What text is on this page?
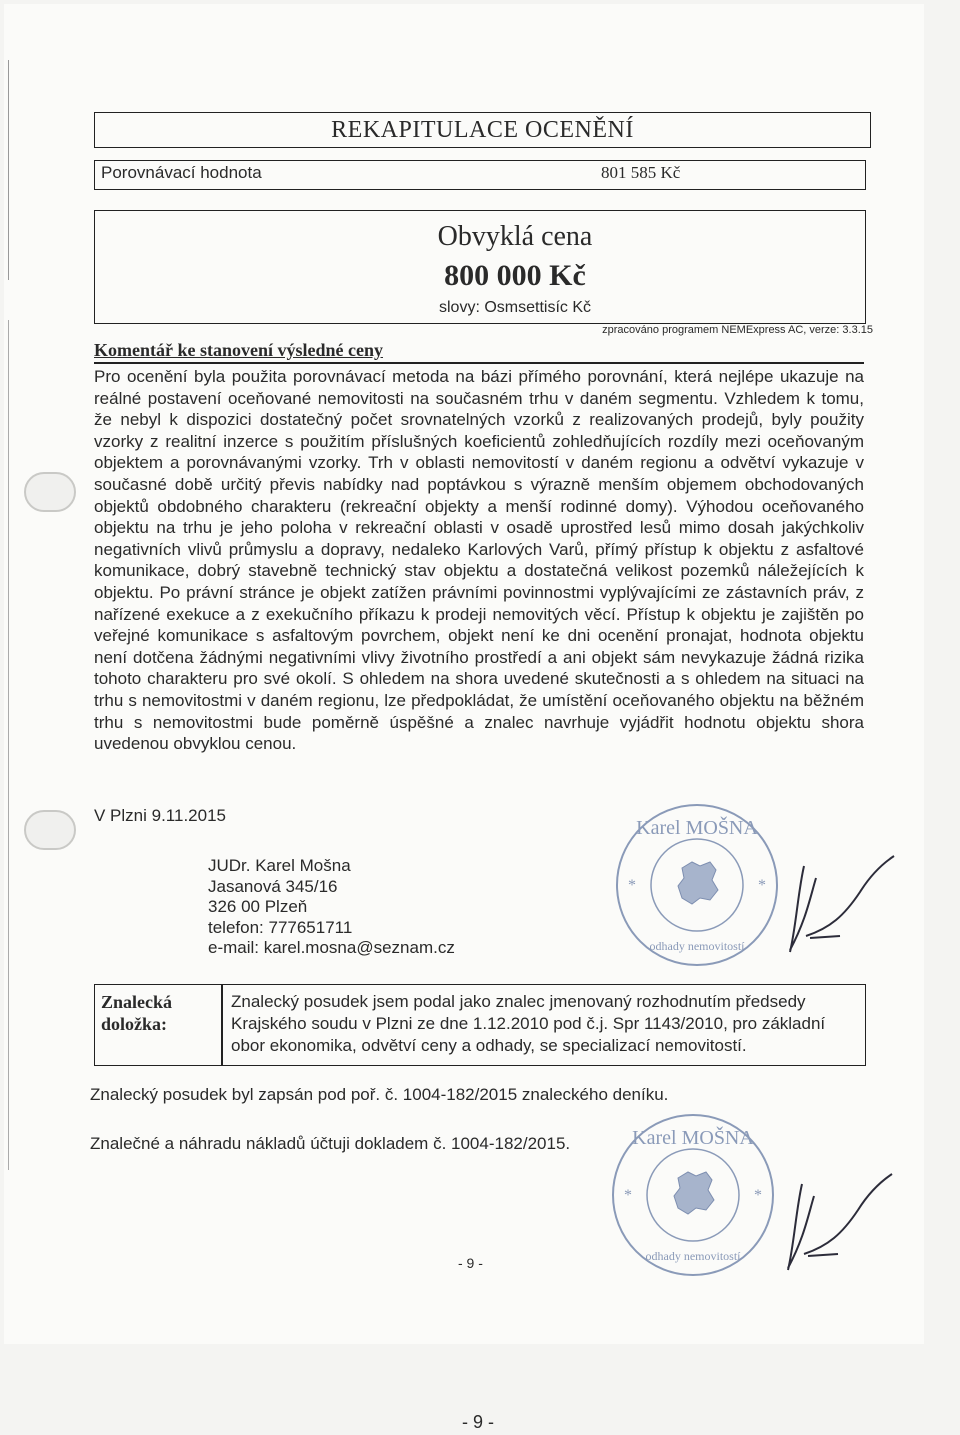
REKAPITULACE OCENĚNÍ
Porovnávací hodnota	801 585 Kč
Obvyklá cena
800 000 Kč
slovy: Osmsettisíc Kč
zpracováno programem NEMExpress AC, verze: 3.3.15
Komentář ke stanovení výsledné ceny
Pro ocenění byla použita porovnávací metoda na bázi přímého porovnání, která nejlépe ukazuje na reálné postavení oceňované nemovitosti na současném trhu v daném segmentu. Vzhledem k tomu, že nebyl k dispozici dostatečný počet srovnatelných vzorků z realizovaných prodejů, byly použity vzorky z realitní inzerce s použitím příslušných koeficientů zohledňujících rozdíly mezi oceňovaným objektem a porovnávanými vzorky. Trh v oblasti nemovitostí v daném regionu a odvětví vykazuje v současné době určitý převis nabídky nad poptávkou s výrazně menším objemem obchodovaných objektů obdobného charakteru (rekreační objekty a menší rodinné domy). Výhodou oceňovaného objektu na trhu je jeho poloha v rekreační oblasti v osadě uprostřed lesů mimo dosah jakýchkoliv negativních vlivů průmyslu a dopravy, nedaleko Karlových Varů, přímý přístup k objektu z asfaltové komunikace, dobrý stavebně technický stav objektu a dostatečná velikost pozemků náležejících k objektu. Po právní stránce je objekt zatížen právními povinnostmi vyplývajícími ze zástavních práv, z nařízené exekuce a z exekučního příkazu k prodeji nemovitých věcí. Přístup k objektu je zajištěn po veřejné komunikace s asfaltovým povrchem, objekt není ke dni ocenění pronajat, hodnota objektu není dotčena žádnými negativními vlivy životního prostředí a ani objekt sám nevykazuje žádná rizika tohoto charakteru pro své okolí. S ohledem na shora uvedené skutečnosti a s ohledem na situaci na trhu s nemovitostmi v daném regionu, lze předpokládat, že umístění oceňovaného objektu na běžném trhu s nemovitostmi bude poměrně úspěšné a znalec navrhuje vyjádřit hodnotu objektu shora uvedenou obvyklou cenou.
V Plzni 9.11.2015
JUDr. Karel Mošna
Jasanová 345/16
326 00 Plzeň
telefon: 777651711
e-mail: karel.mosna@seznam.cz
Karel MOŠNA
*	*
odhady nemovitostí
Znalecká
doložka:
Znalecký posudek jsem podal jako znalec jmenovaný rozhodnutím předsedy Krajského soudu v Plzni ze dne 1.12.2010 pod č.j. Spr 1143/2010, pro základní obor ekonomika, odvětví ceny a odhady, se specializací nemovitostí.
Znalecký posudek byl zapsán pod poř. č. 1004-182/2015 znaleckého deníku.
Znalečné a náhradu nákladů účtuji dokladem č. 1004-182/2015.	Karel MOŠNA
*	*
odhady nemovitostí
- 9 -
- 9 -
